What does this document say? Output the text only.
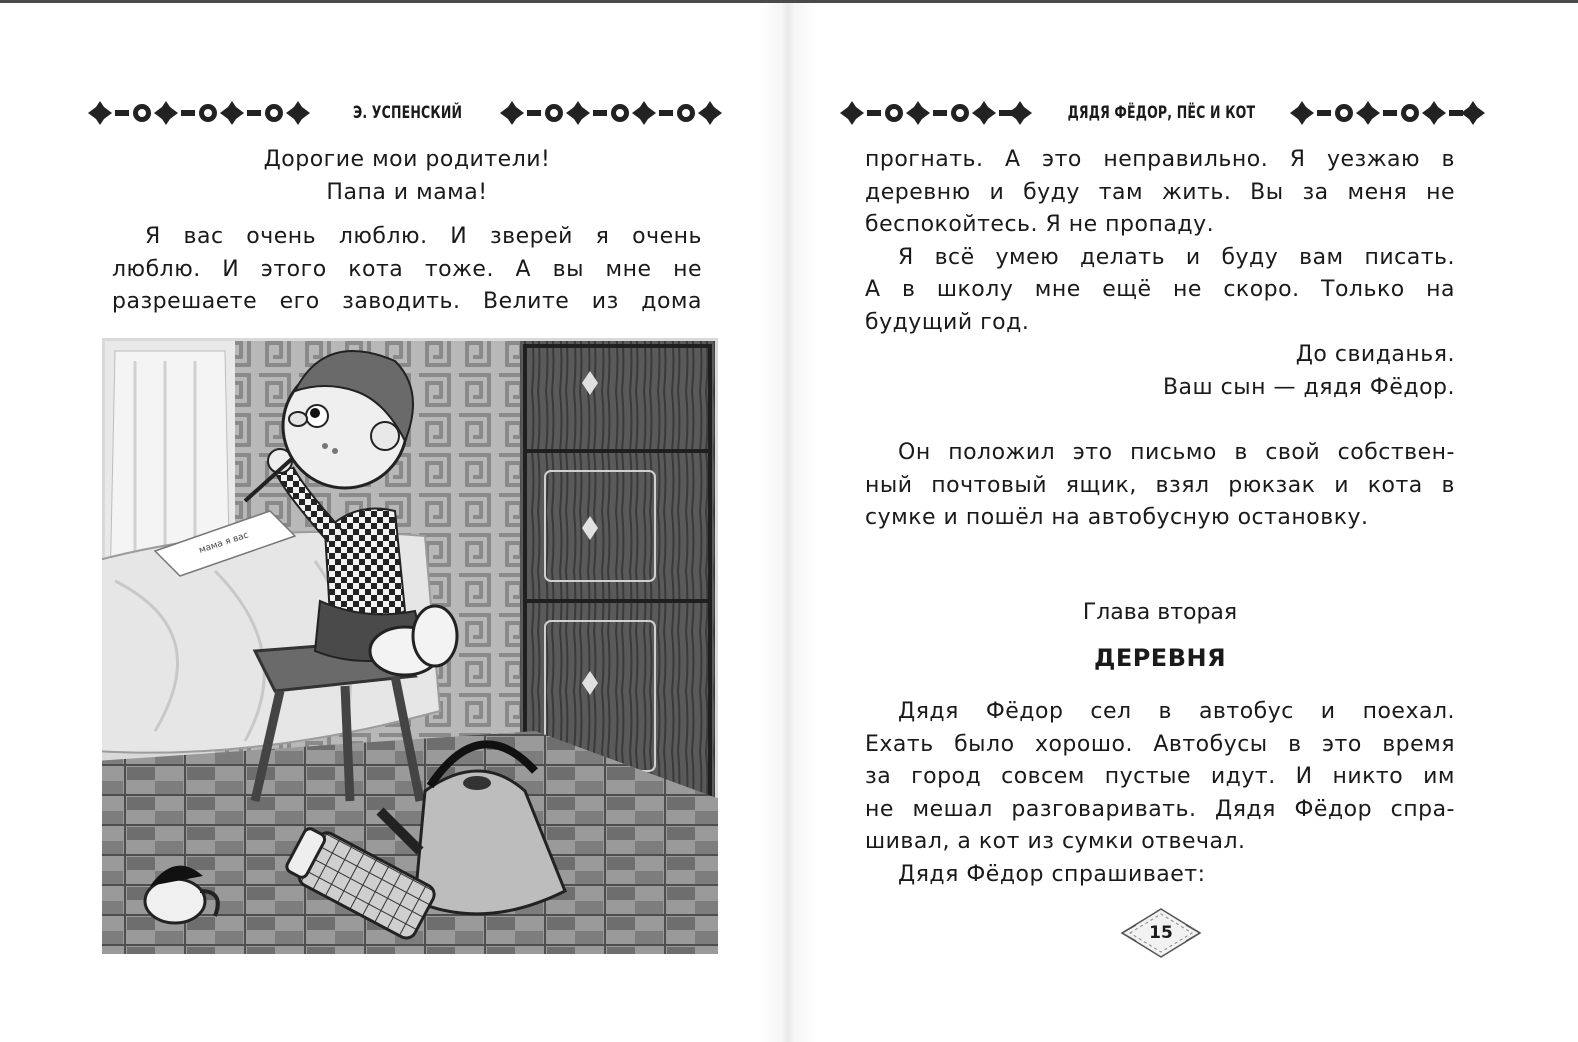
Э. УСПЕНСКИЙ

Дорогие мои родители!

Папа и мама!

Я вас очень люблю. И зверей я очень

люблю. И этого кота тоже. А вы мне не

разрешаете его заводить. Велите из дома

мама я вас
ДЯДЯ ФЁДОР, ПЁС И КОТ

прогнать. А это неправильно. Я уезжаю в

деревню и буду там жить. Вы за меня не

беспокойтесь. Я не пропаду.

Я всё умею делать и буду вам писать.

А в школу мне ещё не скоро. Только на

будущий год.

До свиданья.

Ваш сын — дядя Фёдор.

Он положил это письмо в свой собствен-

ный почтовый ящик, взял рюкзак и кота в

сумке и пошёл на автобусную остановку.

Глава вторая
ДЕРЕВНЯ

Дядя Фёдор сел в автобус и поехал.

Ехать было хорошо. Автобусы в это время

за город совсем пустые идут. И никто им

не мешал разговаривать. Дядя Фёдор спра-

шивал, а кот из сумки отвечал.

Дядя Фёдор спрашивает:

15
